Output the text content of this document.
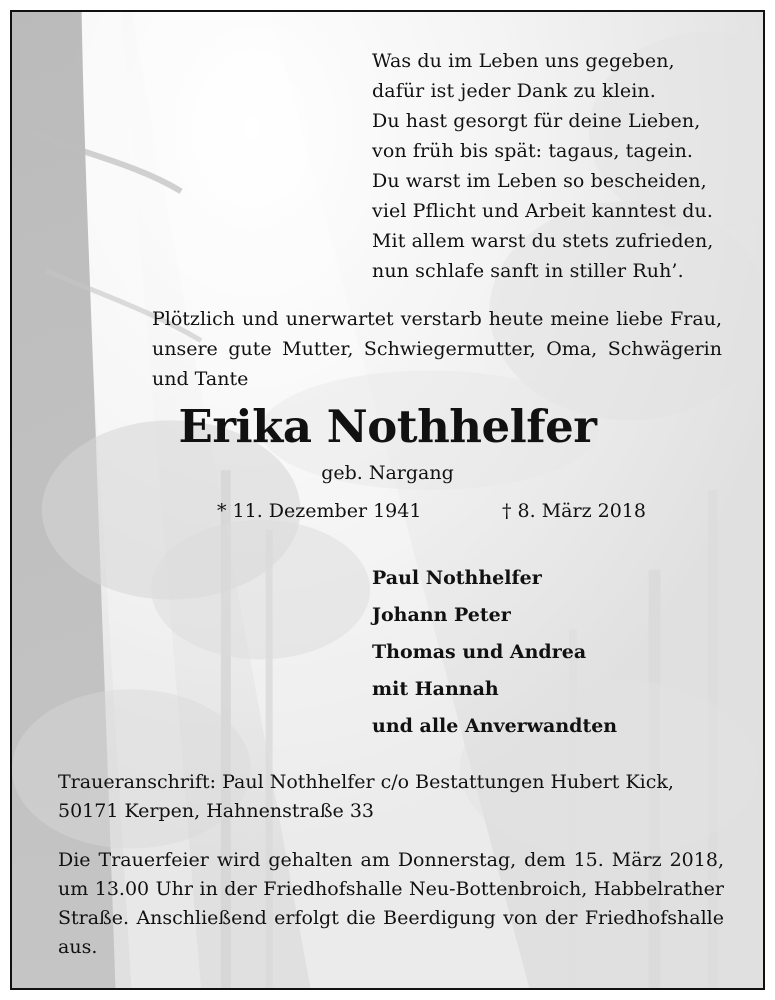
Was du im Leben uns gegeben,
dafür ist jeder Dank zu klein.
Du hast gesorgt für deine Lieben,
von früh bis spät: tagaus, tagein.
Du warst im Leben so bescheiden,
viel Pflicht und Arbeit kanntest du.
Mit allem warst du stets zufrieden,
nun schlafe sanft in stiller Ruh’.
Plötzlich und unerwartet verstarb heute meine liebe Frau,
unsere gute Mutter, Schwiegermutter, Oma, Schwägerin
und Tante
Erika Nothhelfer
geb. Nargang
* 11. Dezember 1941	† 8. März 2018
Paul Nothhelfer
Johann Peter
Thomas und Andrea
mit Hannah
und alle Anverwandten
Traueranschrift: Paul Nothhelfer c/o Bestattungen Hubert Kick,
50171 Kerpen, Hahnenstraße 33
Die Trauerfeier wird gehalten am Donnerstag, dem 15. März 2018,
um 13.00 Uhr in der Friedhofshalle Neu-Bottenbroich, Habbelrather
Straße. Anschließend erfolgt die Beerdigung von der Friedhofshalle
aus.
